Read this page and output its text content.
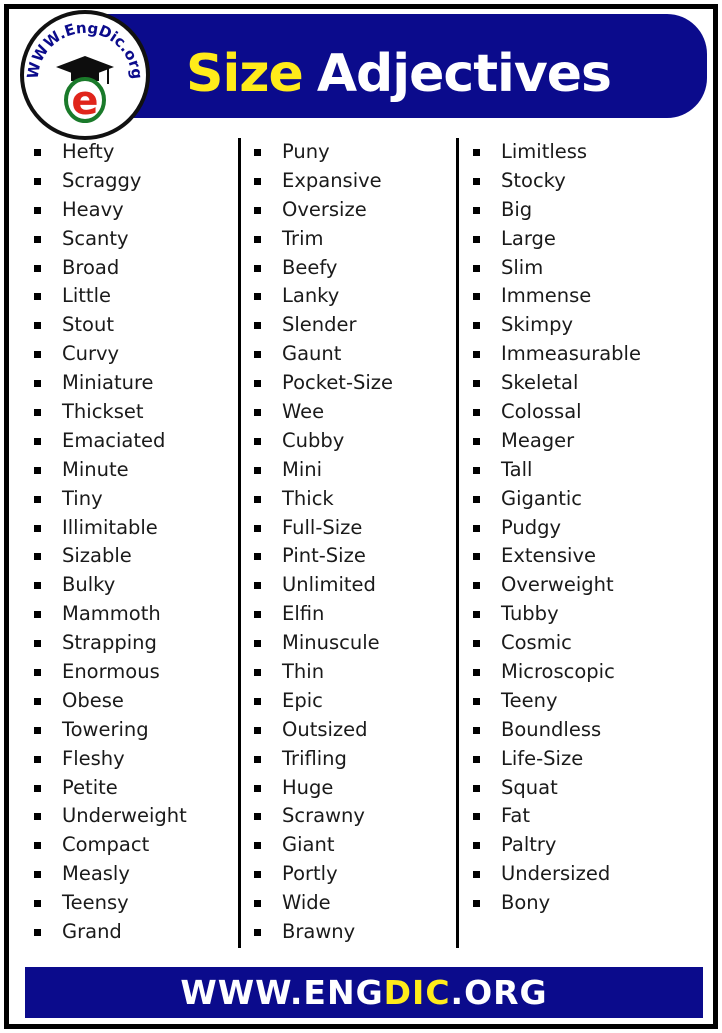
Size Adjectives
WWW.EngDic.org
e
Hefty
Scraggy
Heavy
Scanty
Broad
Little
Stout
Curvy
Miniature
Thickset
Emaciated
Minute
Tiny
Illimitable
Sizable
Bulky
Mammoth
Strapping
Enormous
Obese
Towering
Fleshy
Petite
Underweight
Compact
Measly
Teensy
Grand
Puny
Expansive
Oversize
Trim
Beefy
Lanky
Slender
Gaunt
Pocket-Size
Wee
Cubby
Mini
Thick
Full-Size
Pint-Size
Unlimited
Elfin
Minuscule
Thin
Epic
Outsized
Trifling
Huge
Scrawny
Giant
Portly
Wide
Brawny
Limitless
Stocky
Big
Large
Slim
Immense
Skimpy
Immeasurable
Skeletal
Colossal
Meager
Tall
Gigantic
Pudgy
Extensive
Overweight
Tubby
Cosmic
Microscopic
Teeny
Boundless
Life-Size
Squat
Fat
Paltry
Undersized
Bony
WWW.ENGDIC.ORG
